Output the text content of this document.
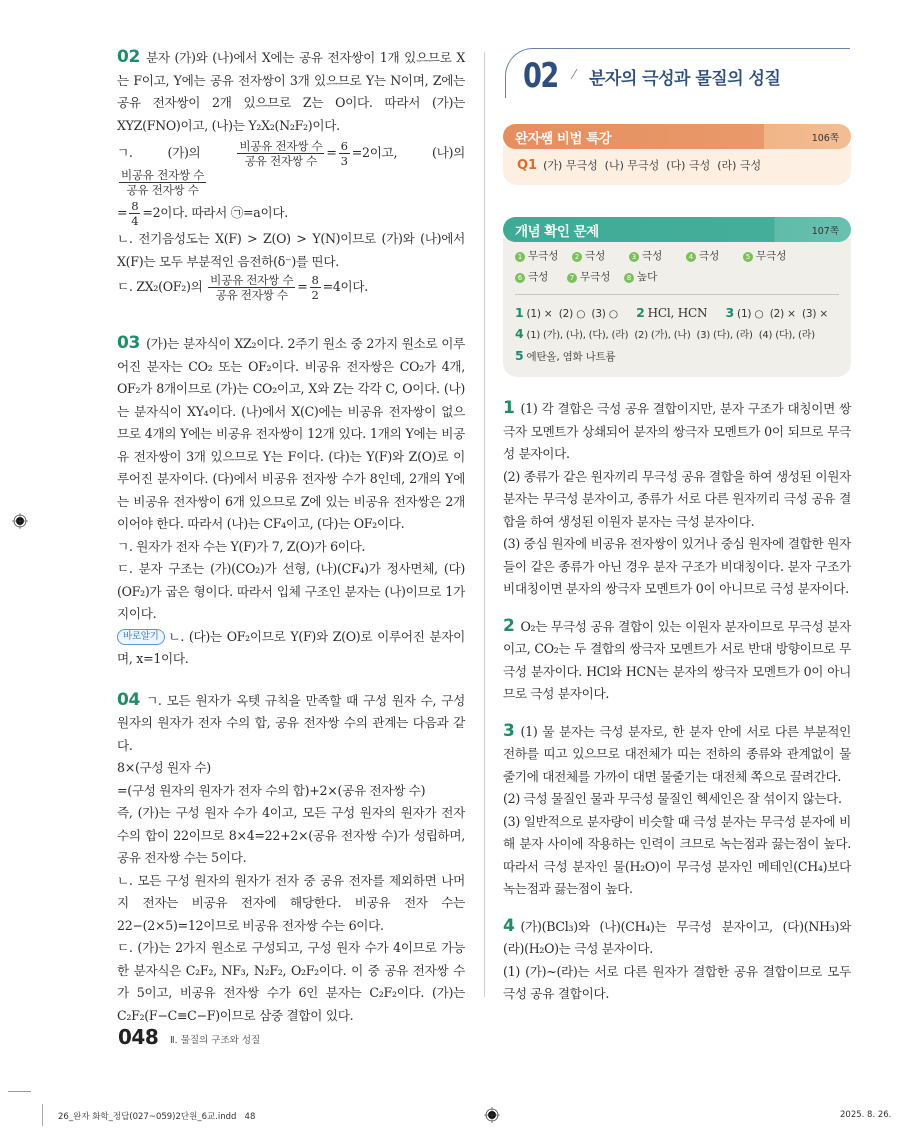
02 분자 (가)와 (나)에서 X에는 공유 전자쌍이 1개 있으므로 X는 F이고, Y에는 공유 전자쌍이 3개 있으므로 Y는 N이며, Z에는 공유 전자쌍이 2개 있으므로 Z는 O이다. 따라서 (가)는 XYZ(FNO)이고, (나)는 Y₂X₂(N₂F₂)이다.

ㄱ. (가)의	$\frac{\text{비공유 전자쌍 수}}{\text{공유 전자쌍 수}} = \frac{6}{3} =2$이고, (나)의
$\frac{\text{비공유 전자쌍 수}}{\text{공유 전자쌍 수}}$

= $\frac{8}{4} =2$이다. 따라서 ㉠=a이다.

ㄴ. 전기음성도는 X(F) > Z(O) > Y(N)이므로 (가)와 (나)에서 X(F)는 모두 부분적인 음전하(δ⁻)를 띤다.

ㄷ. ZX₂(OF₂)의 $\frac{\text{비공유 전자쌍 수}}{\text{공유 전자쌍 수}} = \frac{8}{2} =4$이다.

03 (가)는 분자식이 XZ₂이다. 2주기 원소 중 2가지 원소로 이루어진 분자는 CO₂ 또는 OF₂이다. 비공유 전자쌍은 CO₂가 4개, OF₂가 8개이므로 (가)는 CO₂이고, X와 Z는 각각 C, O이다. (나)는 분자식이 XY₄이다. (나)에서 X(C)에는 비공유 전자쌍이 없으므로 4개의 Y에는 비공유 전자쌍이 12개 있다. 1개의 Y에는 비공유 전자쌍이 3개 있으므로 Y는 F이다. (다)는 Y(F)와 Z(O)로 이루어진 분자이다. (다)에서 비공유 전자쌍 수가 8인데, 2개의 Y에는 비공유 전자쌍이 6개 있으므로 Z에 있는 비공유 전자쌍은 2개이어야 한다. 따라서 (나)는 CF₄이고, (다)는 OF₂이다.

ㄱ. 원자가 전자 수는 Y(F)가 7, Z(O)가 6이다.

ㄷ. 분자 구조는 (가)(CO₂)가 선형, (나)(CF₄)가 정사면체, (다)(OF₂)가 굽은 형이다. 따라서 입체 구조인 분자는 (나)이므로 1가지이다.

바로알기 ㄴ. (다)는 OF₂이므로 Y(F)와 Z(O)로 이루어진 분자이며, x=1이다.

04 ㄱ. 모든 원자가 옥텟 규칙을 만족할 때 구성 원자 수, 구성 원자의 원자가 전자 수의 합, 공유 전자쌍 수의 관계는 다음과 같다.

8×(구성 원자 수)

=(구성 원자의 원자가 전자 수의 합)+2×(공유 전자쌍 수)

즉, (가)는 구성 원자 수가 4이고, 모든 구성 원자의 원자가 전자 수의 합이 22이므로 8×4=22+2×(공유 전자쌍 수)가 성립하며, 공유 전자쌍 수는 5이다.

ㄴ. 모든 구성 원자의 원자가 전자 중 공유 전자를 제외하면 나머지 전자는 비공유 전자에 해당한다. 비공유 전자 수는 22−(2×5)=12이므로 비공유 전자쌍 수는 6이다.

ㄷ. (가)는 2가지 원소로 구성되고, 구성 원자 수가 4이므로 가능한 분자식은 C₂F₂, NF₃, N₂F₂, O₂F₂이다. 이 중 공유 전자쌍 수가 5이고, 비공유 전자쌍 수가 6인 분자는 C₂F₂이다. (가)는 C₂F₂(F−C≡C−F)이므로 삼중 결합이 있다.

02 ⁄ 분자의 극성과 물질의 성질
완자쌤 비법 특강	106쪽
Q1 (가) 무극성  (나) 무극성  (다) 극성  (라) 극성
개념 확인 문제	107쪽
1 무극성	2 극성	3 극성	4 극성	5 무극성
6 극성	7 무극성	8 높다
1 (1) ×  (2) ○  (3) ○ 2 HCl, HCN 3 (1) ○  (2) ×  (3) ×
4 (1) (가), (나), (다), (라)  (2) (가), (나)  (3) (다), (라)  (4) (다), (라)
5 에탄올, 염화 나트륨

1 (1) 각 결합은 극성 공유 결합이지만, 분자 구조가 대칭이면 쌍극자 모멘트가 상쇄되어 분자의 쌍극자 모멘트가 0이 되므로 무극성 분자이다.

(2) 종류가 같은 원자끼리 무극성 공유 결합을 하여 생성된 이원자 분자는 무극성 분자이고, 종류가 서로 다른 원자끼리 극성 공유 결합을 하여 생성된 이원자 분자는 극성 분자이다.

(3) 중심 원자에 비공유 전자쌍이 있거나 중심 원자에 결합한 원자들이 같은 종류가 아닌 경우 분자 구조가 비대칭이다. 분자 구조가 비대칭이면 분자의 쌍극자 모멘트가 0이 아니므로 극성 분자이다.

2 O₂는 무극성 공유 결합이 있는 이원자 분자이므로 무극성 분자이고, CO₂는 두 결합의 쌍극자 모멘트가 서로 반대 방향이므로 무극성 분자이다. HCl와 HCN는 분자의 쌍극자 모멘트가 0이 아니므로 극성 분자이다.

3 (1) 물 분자는 극성 분자로, 한 분자 안에 서로 다른 부분적인 전하를 띠고 있으므로 대전체가 띠는 전하의 종류와 관계없이 물줄기에 대전체를 가까이 대면 물줄기는 대전체 쪽으로 끌려간다.

(2) 극성 물질인 물과 무극성 물질인 헥세인은 잘 섞이지 않는다.

(3) 일반적으로 분자량이 비슷할 때 극성 분자는 무극성 분자에 비해 분자 사이에 작용하는 인력이 크므로 녹는점과 끓는점이 높다. 따라서 극성 분자인 물(H₂O)이 무극성 분자인 메테인(CH₄)보다 녹는점과 끓는점이 높다.

4 (가)(BCl₃)와 (나)(CH₄)는 무극성 분자이고, (다)(NH₃)와 (라)(H₂O)는 극성 분자이다.

(1) (가)~(라)는 서로 다른 원자가 결합한 공유 결합이므로 모두 극성 공유 결합이다.

048 Ⅱ. 물질의 구조와 성질
26_완자 화학_정답(027~059)2단원_6교.indd   48	2025. 8. 26.
